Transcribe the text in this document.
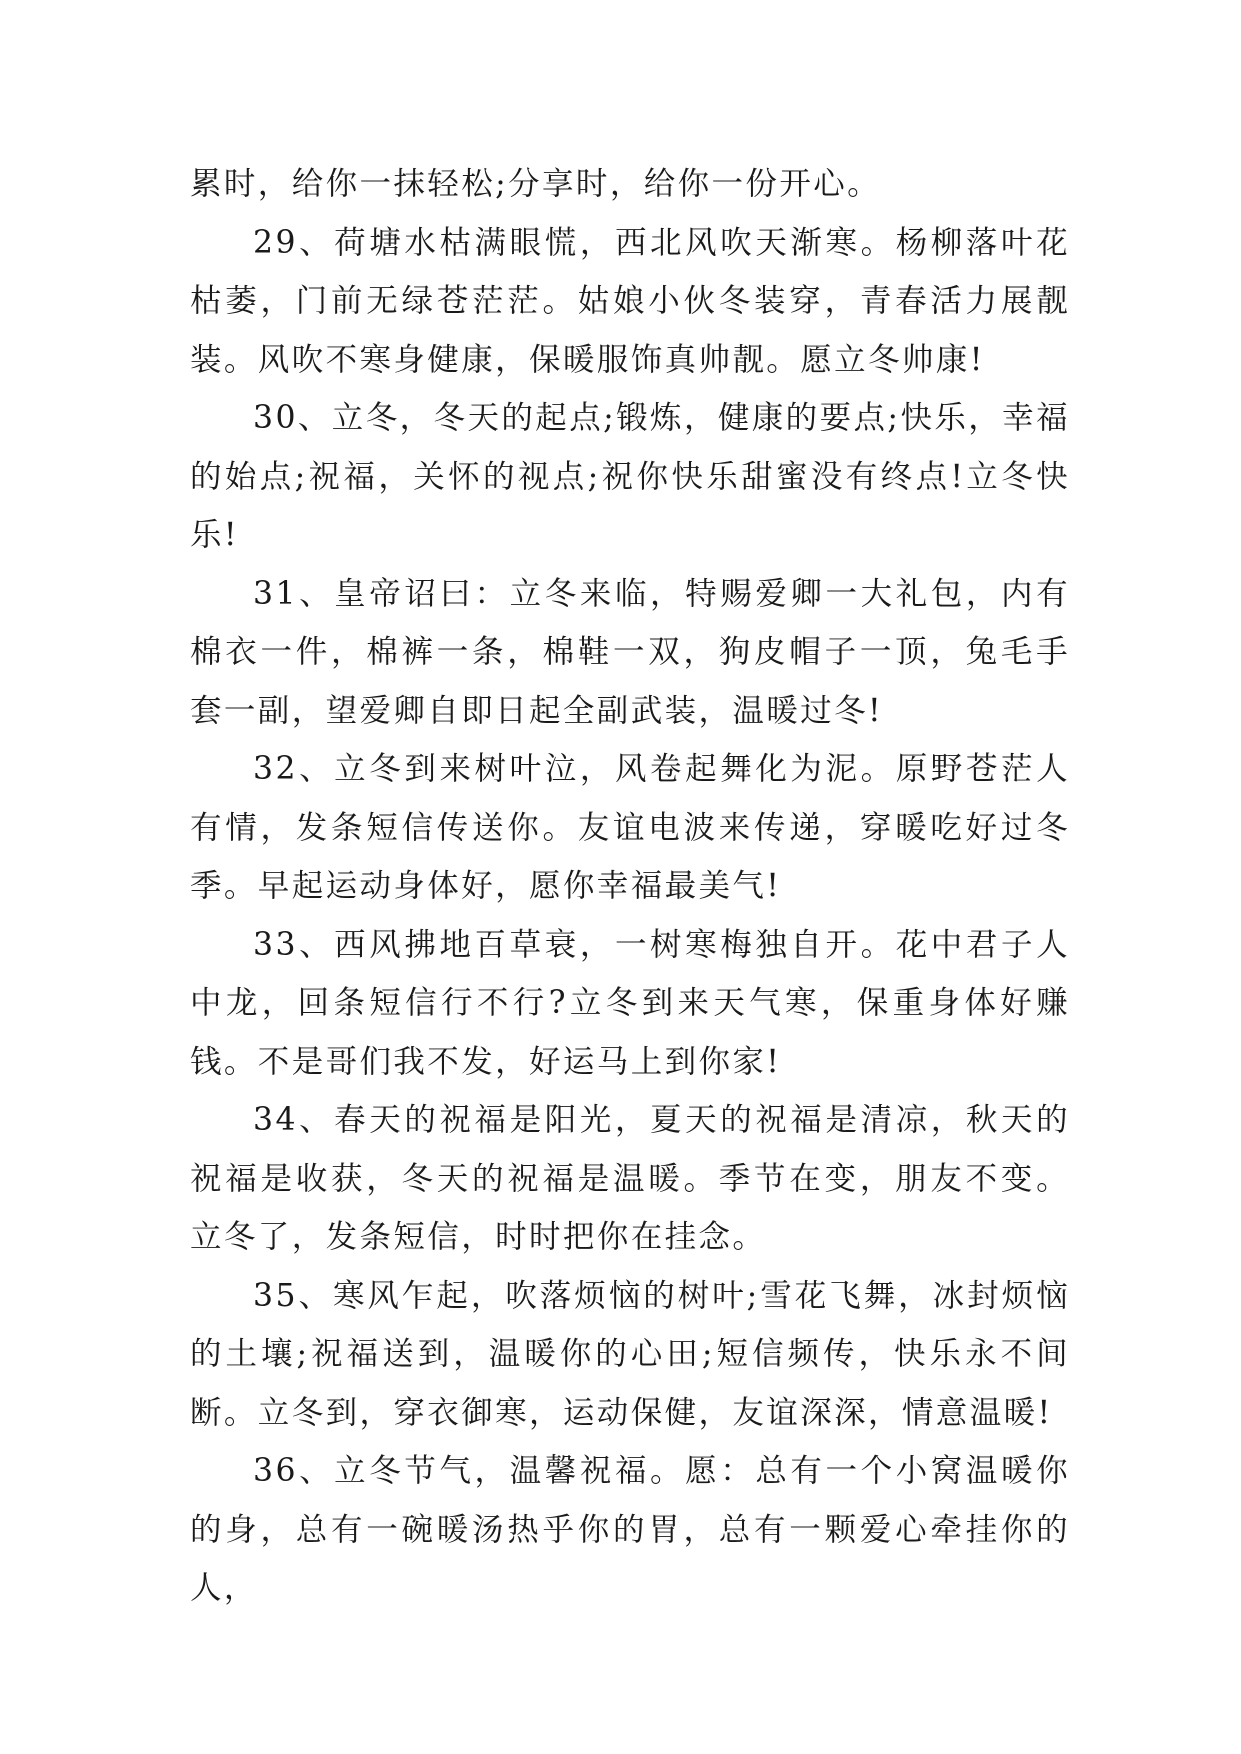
累时，给你一抹轻松;分享时，给你一份开心。

29、荷塘水枯满眼慌，西北风吹天渐寒。杨柳落叶花枯萎，门前无绿苍茫茫。姑娘小伙冬装穿，青春活力展靓装。风吹不寒身健康，保暖服饰真帅靓。愿立冬帅康!

30、立冬，冬天的起点;锻炼，健康的要点;快乐，幸福的始点;祝福，关怀的视点;祝你快乐甜蜜没有终点!立冬快乐!

31、皇帝诏曰：立冬来临，特赐爱卿一大礼包，内有棉衣一件，棉裤一条，棉鞋一双，狗皮帽子一顶，兔毛手套一副，望爱卿自即日起全副武装，温暖过冬!

32、立冬到来树叶泣，风卷起舞化为泥。原野苍茫人有情，发条短信传送你。友谊电波来传递，穿暖吃好过冬季。早起运动身体好，愿你幸福最美气!

33、西风拂地百草衰，一树寒梅独自开。花中君子人中龙，回条短信行不行?立冬到来天气寒，保重身体好赚钱。不是哥们我不发，好运马上到你家!

34、春天的祝福是阳光，夏天的祝福是清凉，秋天的祝福是收获，冬天的祝福是温暖。季节在变，朋友不变。立冬了，发条短信，时时把你在挂念。

35、寒风乍起，吹落烦恼的树叶;雪花飞舞，冰封烦恼的土壤;祝福送到，温暖你的心田;短信频传，快乐永不间断。立冬到，穿衣御寒，运动保健，友谊深深，情意温暖!

36、立冬节气，温馨祝福。愿：总有一个小窝温暖你的身，总有一碗暖汤热乎你的胃，总有一颗爱心牵挂你的人，
